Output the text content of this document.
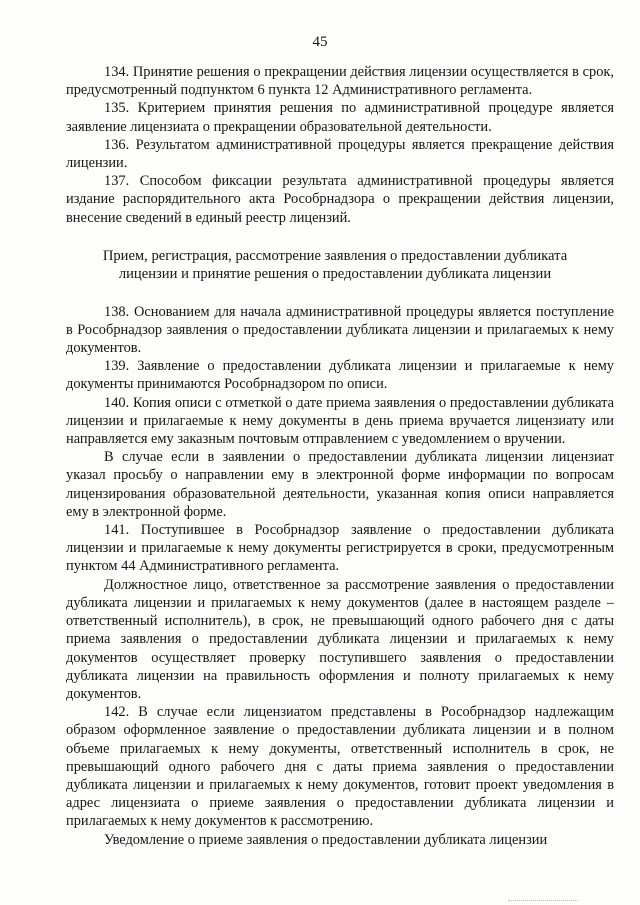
45

134. Принятие решения о прекращении действия лицензии осуществляется в срок, предусмотренный подпунктом 6 пункта 12 Административного регламента.

135. Критерием принятия решения по административной процедуре является заявление лицензиата о прекращении образовательной деятельности.

136. Результатом административной процедуры является прекращение действия лицензии.

137. Способом фиксации результата административной процедуры является издание распорядительного акта Рособрнадзора о прекращении действия лицензии, внесение сведений в единый реестр лицензий.

Прием, регистрация, рассмотрение заявления о предоставлении дубликата
лицензии и принятие решения о предоставлении дубликата лицензии

138. Основанием для начала административной процедуры является поступление в Рособрнадзор заявления о предоставлении дубликата лицензии и прилагаемых к нему документов.

139. Заявление о предоставлении дубликата лицензии и прилагаемые к нему документы принимаются Рособрнадзором по описи.

140. Копия описи с отметкой о дате приема заявления о предоставлении дубликата лицензии и прилагаемые к нему документы в день приема вручается лицензиату или направляется ему заказным почтовым отправлением с уведомлением о вручении.

В случае если в заявлении о предоставлении дубликата лицензии лицензиат указал просьбу о направлении ему в электронной форме информации по вопросам лицензирования образовательной деятельности, указанная копия описи направляется ему в электронной форме.

141. Поступившее в Рособрнадзор заявление о предоставлении дубликата лицензии и прилагаемые к нему документы регистрируется в сроки, предусмотренным пунктом 44 Административного регламента.

Должностное лицо, ответственное за рассмотрение заявления о предоставлении дубликата лицензии и прилагаемых к нему документов (далее в настоящем разделе – ответственный исполнитель), в срок, не превышающий одного рабочего дня с даты приема заявления о предоставлении дубликата лицензии и прилагаемых к нему документов осуществляет проверку поступившего заявления о предоставлении дубликата лицензии на правильность оформления и полноту прилагаемых к нему документов.

142. В случае если лицензиатом представлены в Рособрнадзор надлежащим образом оформленное заявление о предоставлении дубликата лицензии и в полном объеме прилагаемых к нему документы, ответственный исполнитель в срок, не превышающий одного рабочего дня с даты приема заявления о предоставлении дубликата лицензии и прилагаемых к нему документов, готовит проект уведомления в адрес лицензиата о приеме заявления о предоставлении дубликата лицензии и прилагаемых к нему документов к рассмотрению.

Уведомление о приеме заявления о предоставлении дубликата лицензии
